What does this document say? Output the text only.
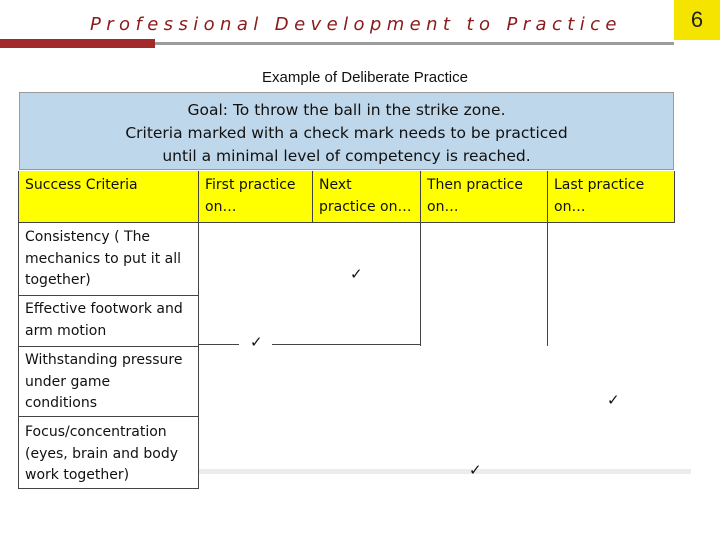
Professional Development to Practice	6
Example of Deliberate Practice
Goal: To throw the ball in the strike zone.
Criteria marked with a check mark needs to be practiced
until a minimal level of competency is reached.
Success Criteria	First practice
on…
Next
practice on…
Then practice
on…
Last practice
on…
Consistency ( The
mechanics to put it all
together)
Effective footwork and
arm motion
Withstanding pressure
under game
conditions
Focus/concentration
(eyes, brain and body
work together)
✓
✓
✓
✓
